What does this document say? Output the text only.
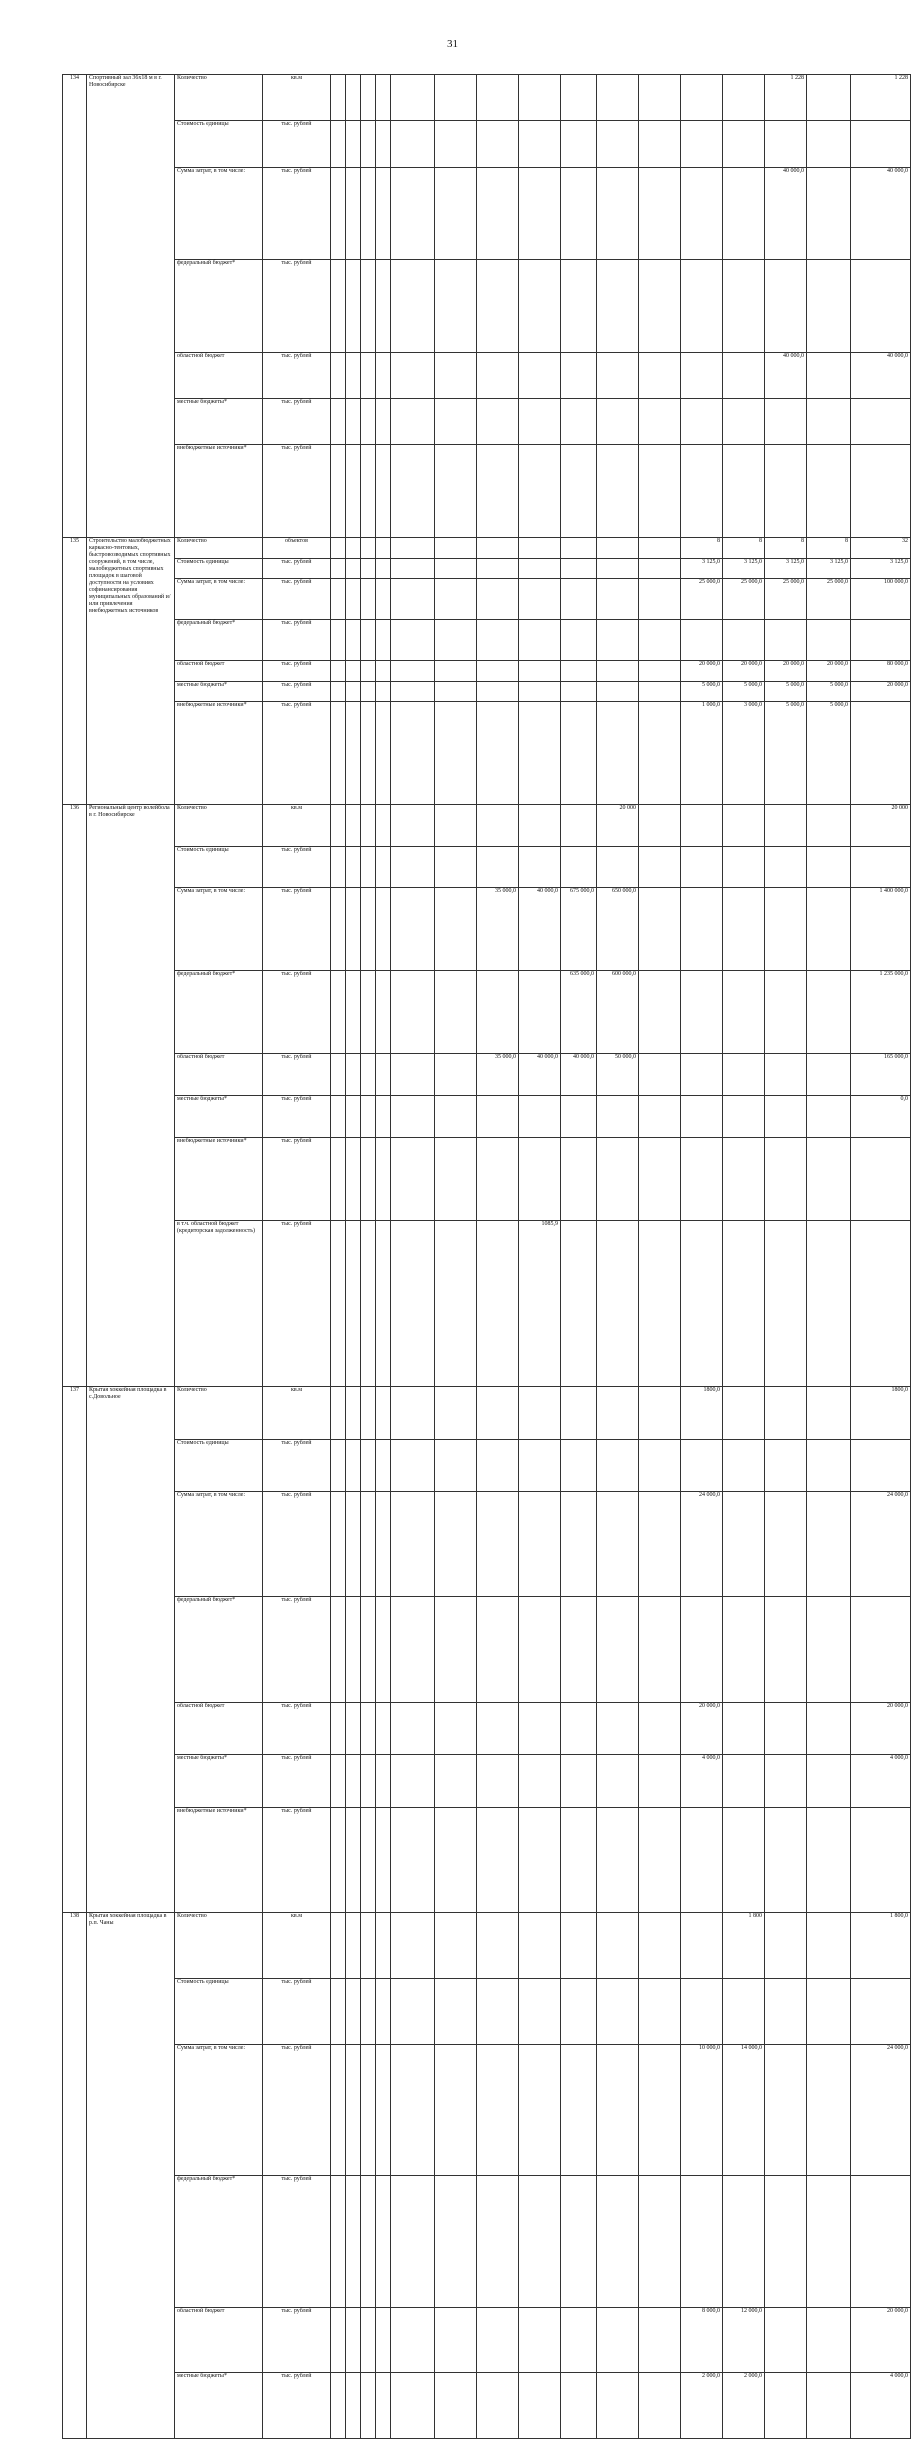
31
134	Спортивный зал 36x18 м в г. Новосибирске	Количество	кв.м														1 228		1 228		
		Стоимость единицы	тыс. рублей																	
		Сумма затрат, в том числе:	тыс. рублей														40 000,0		40 000,0	
		федеральный бюджет*	тыс. рублей																	
		областной бюджет	тыс. рублей														40 000,0		40 000,0	
		местные бюджеты*	тыс. рублей																	
		внебюджетные источники*	тыс. рублей																	
135	Строительство малобюджетных каркасно-тентовых, быстровозводимых спортивных сооружений, в том числе, малобюджетных спортивных площадок в шаговой доступности на условиях софинансирования муниципальных образований и/или привлечения внебюджетных источников	Количество	объектов												8	8	8	8	32		
		Стоимость единицы	тыс. рублей												3 125,0	3 125,0	3 125,0	3 125,0	3 125,0	
		Сумма затрат, в том числе:	тыс. рублей												25 000,0	25 000,0	25 000,0	25 000,0	100 000,0	
		федеральный бюджет*	тыс. рублей																	
		областной бюджет	тыс. рублей												20 000,0	20 000,0	20 000,0	20 000,0	80 000,0	
		местные бюджеты*	тыс. рублей												5 000,0	5 000,0	5 000,0	5 000,0	20 000,0	
		внебюджетные источники*	тыс. рублей												1 000,0	3 000,0	5 000,0	5 000,0		
136	Региональный центр волейбола в г. Новосибирске	Количество	кв.м										20 000						20 000		
		Стоимость единицы	тыс. рублей																	
		Сумма затрат, в том числе:	тыс. рублей							35 000,0	40 000,0	675 000,0	650 000,0						1 400 000,0	
		федеральный бюджет*	тыс. рублей									635 000,0	600 000,0						1 235 000,0	
		областной бюджет	тыс. рублей							35 000,0	40 000,0	40 000,0	50 000,0						165 000,0	
		местные бюджеты*	тыс. рублей																0,0	
		внебюджетные источники*	тыс. рублей																	
		в т.ч. областной бюджет (кредиторская задолженность)	тыс. рублей								1085,9									
137	Крытая хоккейная площадка в с.Довольное	Количество	кв.м												1800,0				1800,0		
		Стоимость единицы	тыс. рублей																	
		Сумма затрат, в том числе:	тыс. рублей												24 000,0				24 000,0	
		федеральный бюджет*	тыс. рублей																	
		областной бюджет	тыс. рублей												20 000,0				20 000,0	
		местные бюджеты*	тыс. рублей												4 000,0				4 000,0	
		внебюджетные источники*	тыс. рублей																	
138	Крытая хоккейная площадка в р.п. Чаны	Количество	кв.м													1 800			1 800,0		
		Стоимость единицы	тыс. рублей																	
		Сумма затрат, в том числе:	тыс. рублей												10 000,0	14 000,0			24 000,0	
		федеральный бюджет*	тыс. рублей																	
		областной бюджет	тыс. рублей												8 000,0	12 000,0			20 000,0	
		местные бюджеты*	тыс. рублей												2 000,0	2 000,0			4 000,0	
